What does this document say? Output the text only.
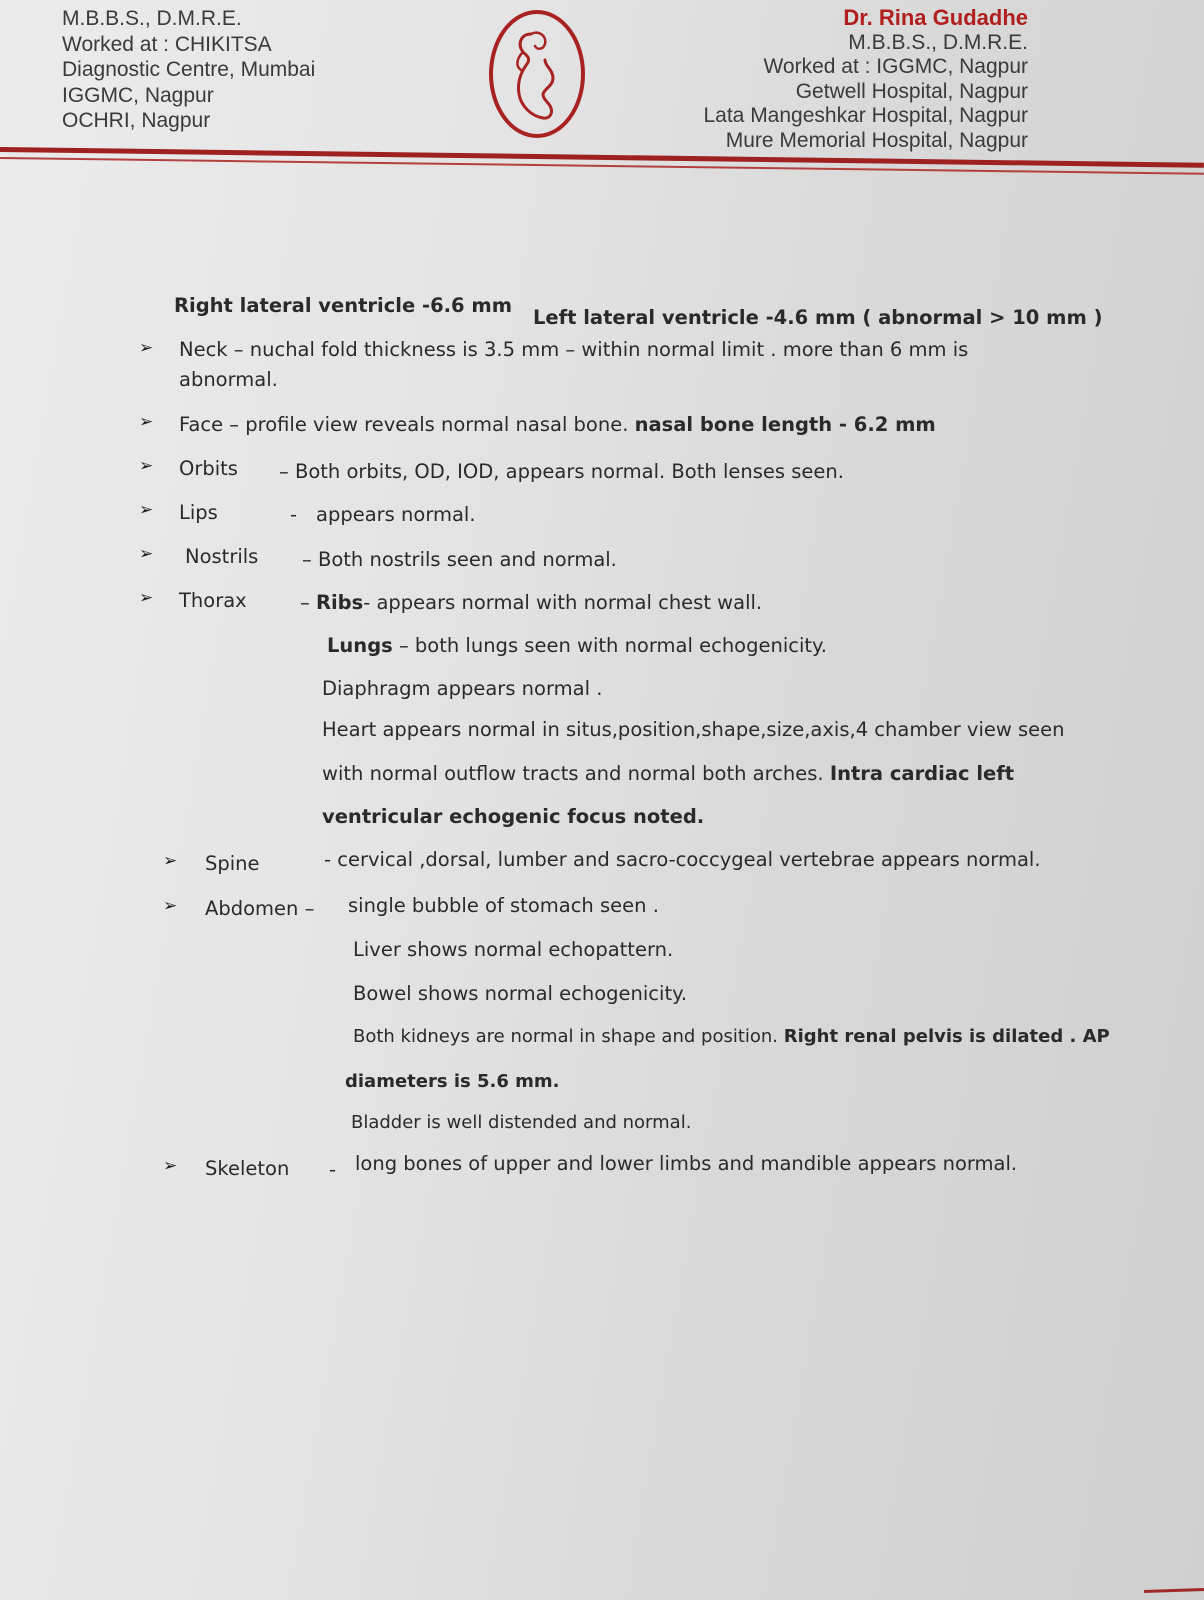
M.B.B.S., D.M.R.E.
Worked at : CHIKITSA
Diagnostic Centre, Mumbai
IGGMC, Nagpur
OCHRI, Nagpur
Dr. Rina Gudadhe
M.B.B.S., D.M.R.E.
Worked at : IGGMC, Nagpur
Getwell Hospital, Nagpur
Lata Mangeshkar Hospital, Nagpur
Mure Memorial Hospital, Nagpur
Right lateral ventricle -6.6 mm
Left lateral ventricle -4.6 mm ( abnormal > 10 mm )
➢ Neck – nuchal fold thickness is 3.5 mm – within normal limit . more than 6 mm is
abnormal.
➢ Face – profile view reveals normal nasal bone. nasal bone length - 6.2 mm
➢ Orbits – Both orbits, OD, IOD, appears normal. Both lenses seen.
➢ Lips	- appears normal.
➢ Nostrils – Both nostrils seen and normal.
➢ Thorax	– Ribs- appears normal with normal chest wall.
Lungs – both lungs seen with normal echogenicity.
Diaphragm appears normal .
Heart appears normal in situs,position,shape,size,axis,4 chamber view seen
with normal outflow tracts and normal both arches. Intra cardiac left
ventricular echogenic focus noted.
➢ Spine	- cervical ,dorsal, lumber and sacro-coccygeal vertebrae appears normal.
➢ Abdomen – single bubble of stomach seen .
Liver shows normal echopattern.
Bowel shows normal echogenicity.
Both kidneys are normal in shape and position. Right renal pelvis is dilated . AP
diameters is 5.6 mm.
Bladder is well distended and normal.
➢ Skeleton - long bones of upper and lower limbs and mandible appears normal.
